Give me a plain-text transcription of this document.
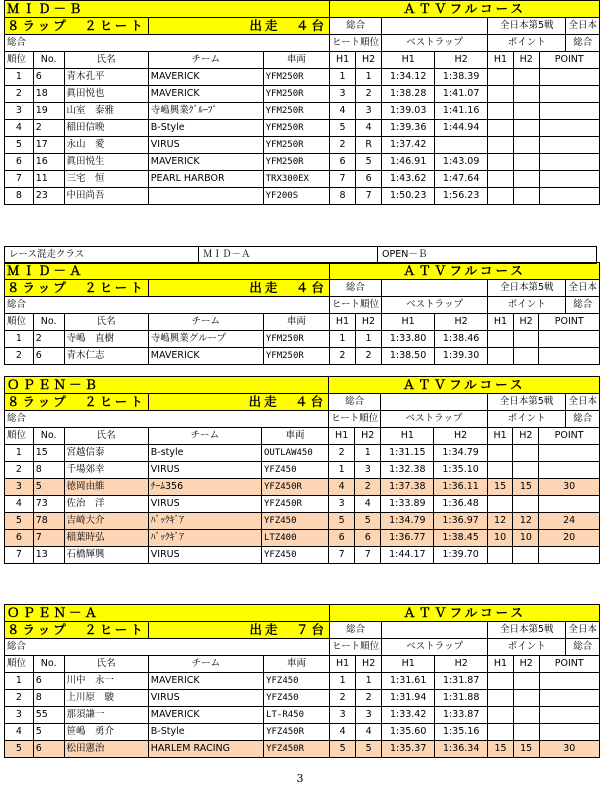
ＭＩＤ－Ｂ					ＡＴＶフルコース							
８ラップ　２ヒート			出走　４台		総合				全日本第5戦			全日本
総合					ヒート順位		ベストラップ		ポイント			総合
順位	No.	氏名	チーム	車両	H1	H2	H1	H2	H1	H2	POINT	
1	6	青木孔平	MAVERICK	YFM250R	1	1	1:34.12	1:38.39				
2	18	眞田悦也	MAVERICK	YFM250R	3	2	1:38.28	1:41.07				
3	19	山室　泰雅	寺嶋興業ｸﾞﾙｰﾌﾟ	YFM250R	4	3	1:39.03	1:41.16				
4	2	稲田信晩	B-Style	YFM250R	5	4	1:39.36	1:44.94				
5	17	永山　愛	VIRUS	YFM250R	2	R	1:37.42					
6	16	眞田悦生	MAVERICK	YFM250R	6	5	1:46.91	1:43.09				
7	11	三宅　恒	PEARL HARBOR	TRX300EX	7	6	1:43.62	1:47.64				
8	23	中田尚吾		YF200S	8	7	1:50.23	1:56.23				
ＭＩＤ－Ａ					ＡＴＶフルコース							
８ラップ　２ヒート			出走　４台		総合				全日本第5戦			全日本
総合					ヒート順位		ベストラップ		ポイント			総合
順位	No.	氏名	チーム	車両	H1	H2	H1	H2	H1	H2	POINT	
1	2	寺嶋　直樹	寺嶋興業グループ	YFM250R	1	1	1:33.80	1:38.46				
2	6	青木仁志	MAVERICK	YFM250R	2	2	1:38.50	1:39.30				
ＯＰＥＮ－Ｂ					ＡＴＶフルコース							
８ラップ　２ヒート			出走　４台		総合				全日本第5戦			全日本
総合					ヒート順位		ベストラップ		ポイント			総合
順位	No.	氏名	チーム	車両	H1	H2	H1	H2	H1	H2	POINT	
1	15	宮越信泰	B-style	OUTLAW450	2	1	1:31.15	1:34.79				
2	8	千場郊幸	VIRUS	YFZ450	1	3	1:32.38	1:35.10				
3	5	徳岡由維	ﾁｰﾑ356	YFZ450R	4	2	1:37.38	1:36.11	15	15	30	
4	73	佐治　洋	VIRUS	YFZ450R	3	4	1:33.89	1:36.48				
5	78	吉崎大介	ﾊﾞｯｸｷﾞｱ	YFZ450	5	5	1:34.79	1:36.97	12	12	24	
6	7	稲葉時弘	ﾊﾞｯｸｷﾞｱ	LTZ400	6	6	1:36.77	1:38.45	10	10	20	
7	13	石橋輝興	VIRUS	YFZ450	7	7	1:44.17	1:39.70				
ＯＰＥＮ－Ａ					ＡＴＶフルコース							
８ラップ　２ヒート			出走　７台		総合				全日本第5戦			全日本
総合					ヒート順位		ベストラップ		ポイント			総合
順位	No.	氏名	チーム	車両	H1	H2	H1	H2	H1	H2	POINT	
1	6	川中　永一	MAVERICK	YFZ450	1	1	1:31.61	1:31.87				
2	8	上川原　駿	VIRUS	YFZ450	2	2	1:31.94	1:31.88				
3	55	那須謙一	MAVERICK	LT-R450	3	3	1:33.42	1:33.87				
4	5	笹嶋　勇介	B-Style	YFZ450R	4	4	1:35.60	1:35.16				
5	6	松田憲治	HARLEM RACING	YFZ450R	5	5	1:35.37	1:36.34	15	15	30	
レース混走クラス	ＭＩＤ－Ａ	OPEN－Ｂ
3
